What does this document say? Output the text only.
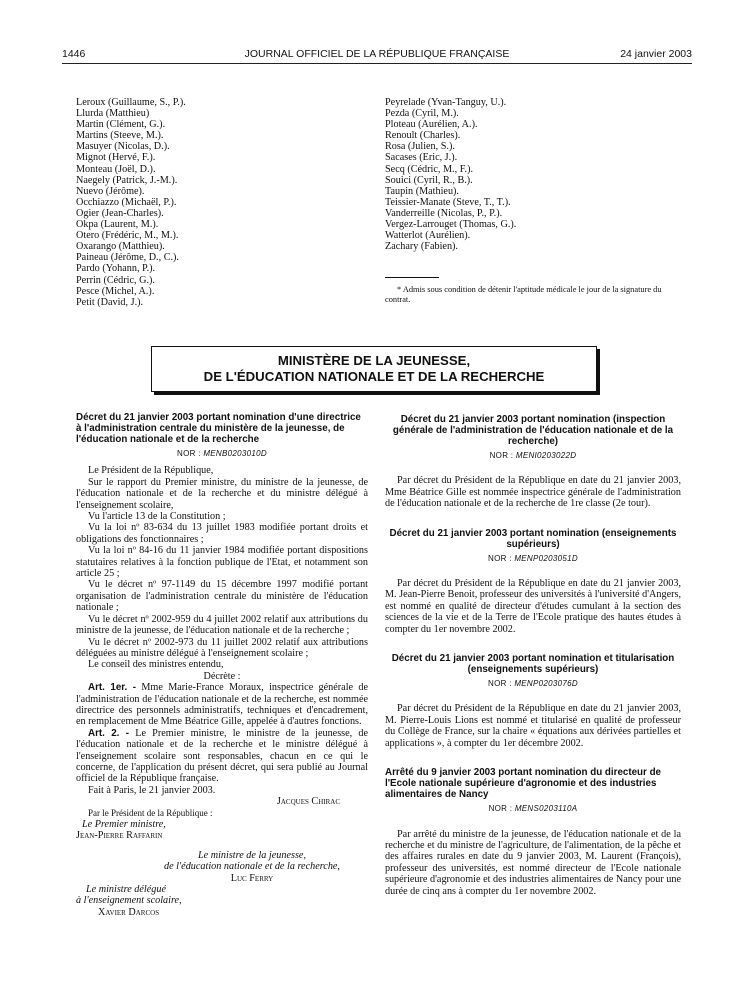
1446	JOURNAL OFFICIEL DE LA RÉPUBLIQUE FRANÇAISE	24 janvier 2003
Leroux (Guillaume, S., P.).
Llurda (Matthieu)
Martin (Clément, G.).
Martins (Steeve, M.).
Masuyer (Nicolas, D.).
Mignot (Hervé, F.).
Monteau (Joël, D.).
Naegely (Patrick, J.-M.).
Nuevo (Jérôme).
Occhiazzo (Michaël, P.).
Ogier (Jean-Charles).
Okpa (Laurent, M.).
Otero (Frédéric, M., M.).
Oxarango (Matthieu).
Paineau (Jérôme, D., C.).
Pardo (Yohann, P.).
Perrin (Cédric, G.).
Pesce (Michel, A.).
Petit (David, J.).
Peyrelade (Yvan-Tanguy, U.).
Pezda (Cyril, M.).
Ploteau (Aurélien, A.).
Renoult (Charles).
Rosa (Julien, S.).
Sacases (Eric, J.).
Secq (Cédric, M., F.).
Souici (Cyril, R., B.).
Taupin (Mathieu).
Teissier-Manate (Steve, T., T.).
Vanderreille (Nicolas, P., P.).
Vergez-Larrouget (Thomas, G.).
Watterlot (Aurélien).
Zachary (Fabien).
* Admis sous condition de détenir l'aptitude médicale le jour de la signature du contrat.
MINISTÈRE DE LA JEUNESSE,
DE L'ÉDUCATION NATIONALE ET DE LA RECHERCHE
Décret du 21 janvier 2003 portant nomination d'une directrice à l'administration centrale du ministère de la jeunesse, de l'éducation nationale et de la recherche
NOR : MENB0203010D

Le Président de la République,

Sur le rapport du Premier ministre, du ministre de la jeunesse, de l'éducation nationale et de la recherche et du ministre délégué à l'enseignement scolaire,

Vu l'article 13 de la Constitution ;

Vu la loi nº 83-634 du 13 juillet 1983 modifiée portant droits et obligations des fonctionnaires ;

Vu la loi nº 84-16 du 11 janvier 1984 modifiée portant dispositions statutaires relatives à la fonction publique de l'Etat, et notamment son article 25 ;

Vu le décret nº 97-1149 du 15 décembre 1997 modifié portant organisation de l'administration centrale du ministère de l'éducation nationale ;

Vu le décret nº 2002-959 du 4 juillet 2002 relatif aux attributions du ministre de la jeunesse, de l'éducation nationale et de la recherche ;

Vu le décret nº 2002-973 du 11 juillet 2002 relatif aux attributions déléguées au ministre délégué à l'enseignement scolaire ;

Le conseil des ministres entendu,

Décrète :

Art. 1er. - Mme Marie-France Moraux, inspectrice générale de l'administration de l'éducation nationale et de la recherche, est nommée directrice des personnels administratifs, techniques et d'encadrement, en remplacement de Mme Béatrice Gille, appelée à d'autres fonctions.

Art. 2. - Le Premier ministre, le ministre de la jeunesse, de l'éducation nationale et de la recherche et le ministre délégué à l'enseignement scolaire sont responsables, chacun en ce qui le concerne, de l'application du présent décret, qui sera publié au Journal officiel de la République française.

Fait à Paris, le 21 janvier 2003.

Jacques Chirac
Par le Président de la République :
Le Premier ministre,
Jean-Pierre Raffarin
Le ministre de la jeunesse,
de l'éducation nationale et de la recherche,
Luc Ferry
Le ministre délégué
à l'enseignement scolaire,
Xavier Darcos
Décret du 21 janvier 2003 portant nomination (inspection générale de l'administration de l'éducation nationale et de la recherche)
NOR : MENI0203022D

Par décret du Président de la République en date du 21 janvier 2003, Mme Béatrice Gille est nommée inspectrice générale de l'administration de l'éducation nationale et de la recherche de 1re classe (2e tour).

Décret du 21 janvier 2003 portant nomination (enseignements supérieurs)
NOR : MENP0203051D

Par décret du Président de la République en date du 21 janvier 2003, M. Jean-Pierre Benoit, professeur des universités à l'université d'Angers, est nommé en qualité de directeur d'études cumulant à la section des sciences de la vie et de la Terre de l'Ecole pratique des hautes études à compter du 1er novembre 2002.

Décret du 21 janvier 2003 portant nomination et titularisation (enseignements supérieurs)
NOR : MENP0203076D

Par décret du Président de la République en date du 21 janvier 2003, M. Pierre-Louis Lions est nommé et titularisé en qualité de professeur du Collège de France, sur la chaire « équations aux dérivées partielles et applications », à compter du 1er décembre 2002.

Arrêté du 9 janvier 2003 portant nomination du directeur de l'Ecole nationale supérieure d'agronomie et des industries alimentaires de Nancy
NOR : MENS0203110A

Par arrêté du ministre de la jeunesse, de l'éducation nationale et de la recherche et du ministre de l'agriculture, de l'alimentation, de la pêche et des affaires rurales en date du 9 janvier 2003, M. Laurent (François), professeur des universités, est nommé directeur de l'Ecole nationale supérieure d'agronomie et des industries alimentaires de Nancy pour une durée de cinq ans à compter du 1er novembre 2002.
